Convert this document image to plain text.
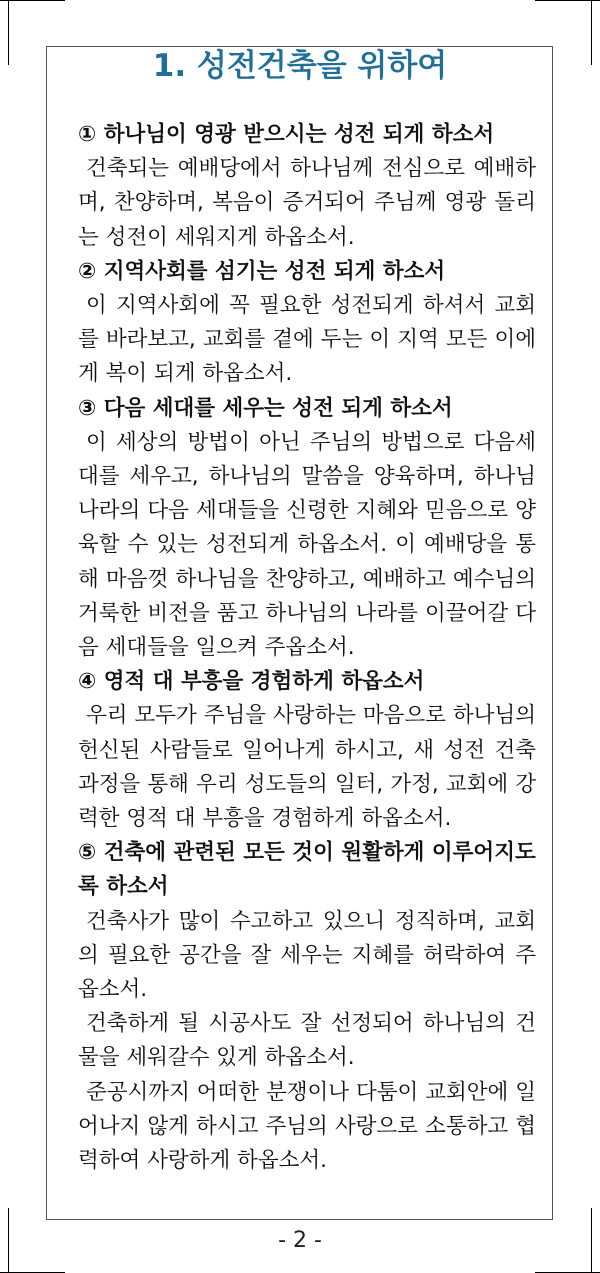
1. 성전건축을 위하여

① 하나님이 영광 받으시는 성전 되게 하소서

건축되는 예배당에서 하나님께 전심으로 예배하며, 찬양하며, 복음이 증거되어 주님께 영광 돌리는 성전이 세워지게 하옵소서.

② 지역사회를 섬기는 성전 되게 하소서

이 지역사회에 꼭 필요한 성전되게 하셔서 교회를 바라보고, 교회를 곁에 두는 이 지역 모든 이에게 복이 되게 하옵소서.

③ 다음 세대를 세우는 성전 되게 하소서

이 세상의 방법이 아닌 주님의 방법으로 다음세대를 세우고, 하나님의 말씀을 양육하며, 하나님 나라의 다음 세대들을 신령한 지혜와 믿음으로 양육할 수 있는 성전되게 하옵소서. 이 예배당을 통해 마음껏 하나님을 찬양하고, 예배하고 예수님의 거룩한 비전을 품고 하나님의 나라를 이끌어갈 다음 세대들을 일으켜 주옵소서.

④ 영적 대 부흥을 경험하게 하옵소서

우리 모두가 주님을 사랑하는 마음으로 하나님의 헌신된 사람들로 일어나게 하시고, 새 성전 건축 과정을 통해 우리 성도들의 일터, 가정, 교회에 강력한 영적 대 부흥을 경험하게 하옵소서.

⑤ 건축에 관련된 모든 것이 원활하게 이루어지도록 하소서

건축사가 많이 수고하고 있으니 정직하며, 교회의 필요한 공간을 잘 세우는 지혜를 허락하여 주옵소서.

건축하게 될 시공사도 잘 선정되어 하나님의 건물을 세워갈수 있게 하옵소서.

준공시까지 어떠한 분쟁이나 다툼이 교회안에 일어나지 않게 하시고 주님의 사랑으로 소통하고 협력하여 사랑하게 하옵소서.

- 2 -
